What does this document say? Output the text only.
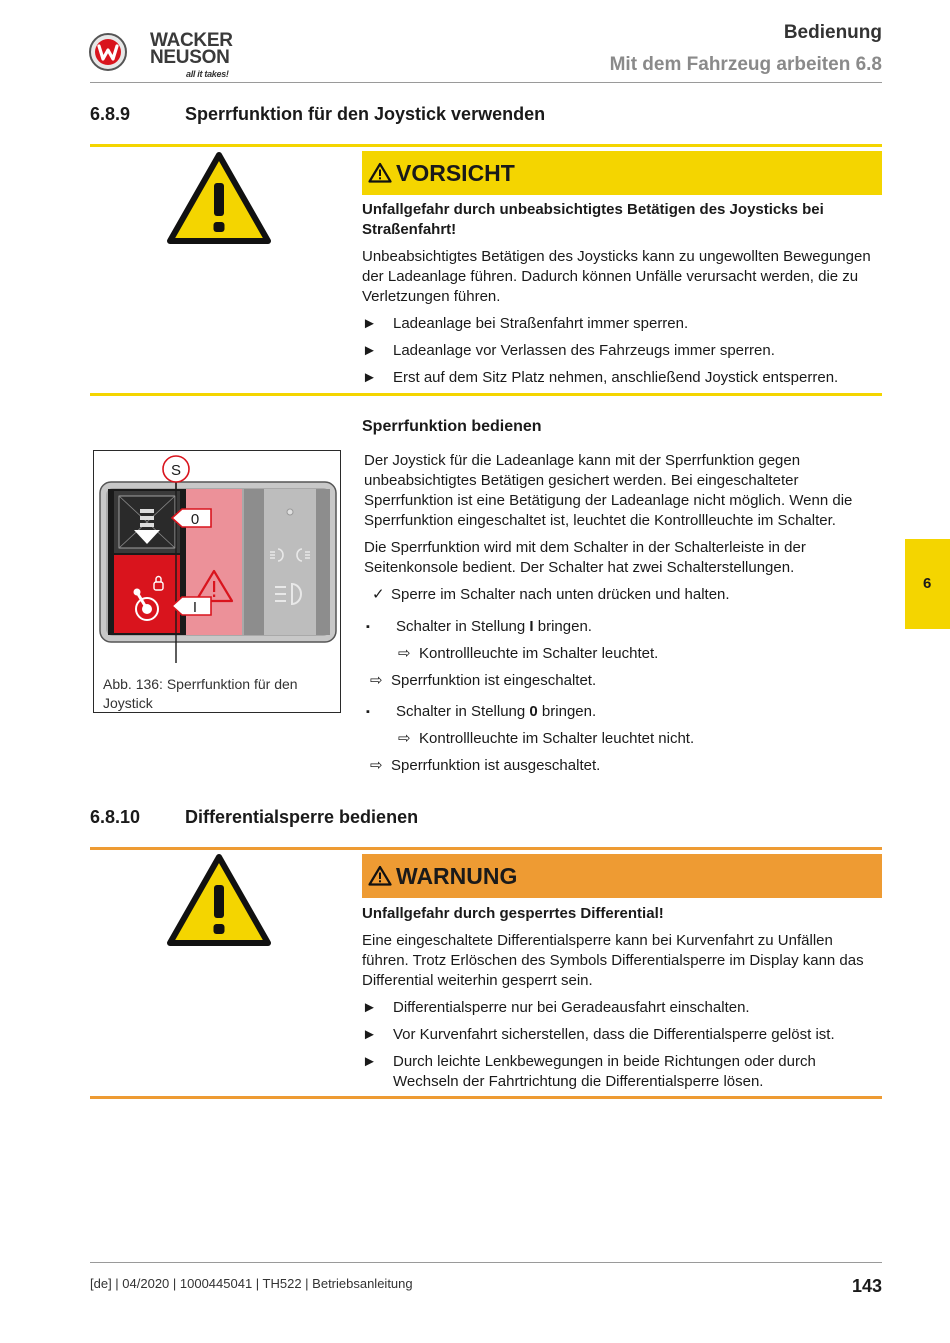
WACKER
NEUSON
all it takes!
Bedienung
Mit dem Fahrzeug arbeiten 6.8
6.8.9	Sperrfunktion für den Joystick verwenden
VORSICHT

Unfallgefahr durch unbeabsichtigtes Betätigen des Joysticks bei Straßenfahrt!

Unbeabsichtigtes Betätigen des Joysticks kann zu ungewollten Bewegungen der Ladeanlage führen. Dadurch können Unfälle verursacht werden, die zu Verletzungen führen.

► Ladeanlage bei Straßenfahrt immer sperren.
► Ladeanlage vor Verlassen des Fahrzeugs immer sperren.
► Erst auf dem Sitz Platz nehmen, anschließend Joystick entsperren.
Sperrfunktion bedienen

Der Joystick für die Ladeanlage kann mit der Sperrfunktion gegen unbeabsichtigtes Betätigen gesichert werden. Bei eingeschalteter Sperrfunktion ist eine Betätigung der Ladeanlage nicht möglich. Wenn die Sperrfunktion eingeschaltet ist, leuchtet die Kontrollleuchte im Schalter.

Die Sperrfunktion wird mit dem Schalter in der Schalterleiste in der Seitenkonsole bedient. Der Schalter hat zwei Schalterstellungen.

✓ Sperre im Schalter nach unten drücken und halten.
▪ Schalter in Stellung I bringen.
⇨ Kontrollleuchte im Schalter leuchtet.
⇨ Sperrfunktion ist eingeschaltet.
▪ Schalter in Stellung 0 bringen.
⇨ Kontrollleuchte im Schalter leuchtet nicht.
⇨ Sperrfunktion ist ausgeschaltet.
S
0
I
Abb. 136: Sperrfunktion für den Joystick
6
6.8.10 Differentialsperre bedienen
WARNUNG

Unfallgefahr durch gesperrtes Differential!

Eine eingeschaltete Differentialsperre kann bei Kurvenfahrt zu Unfällen führen. Trotz Erlöschen des Symbols Differentialsperre im Display kann das Differential weiterhin gesperrt sein.

► Differentialsperre nur bei Geradeausfahrt einschalten.
► Vor Kurvenfahrt sicherstellen, dass die Differentialsperre gelöst ist.
► Durch leichte Lenkbewegungen in beide Richtungen oder durch Wechseln der Fahrtrichtung die Differentialsperre lösen.
[de] | 04/2020 | 1000445041 | TH522 | Betriebsanleitung	143
